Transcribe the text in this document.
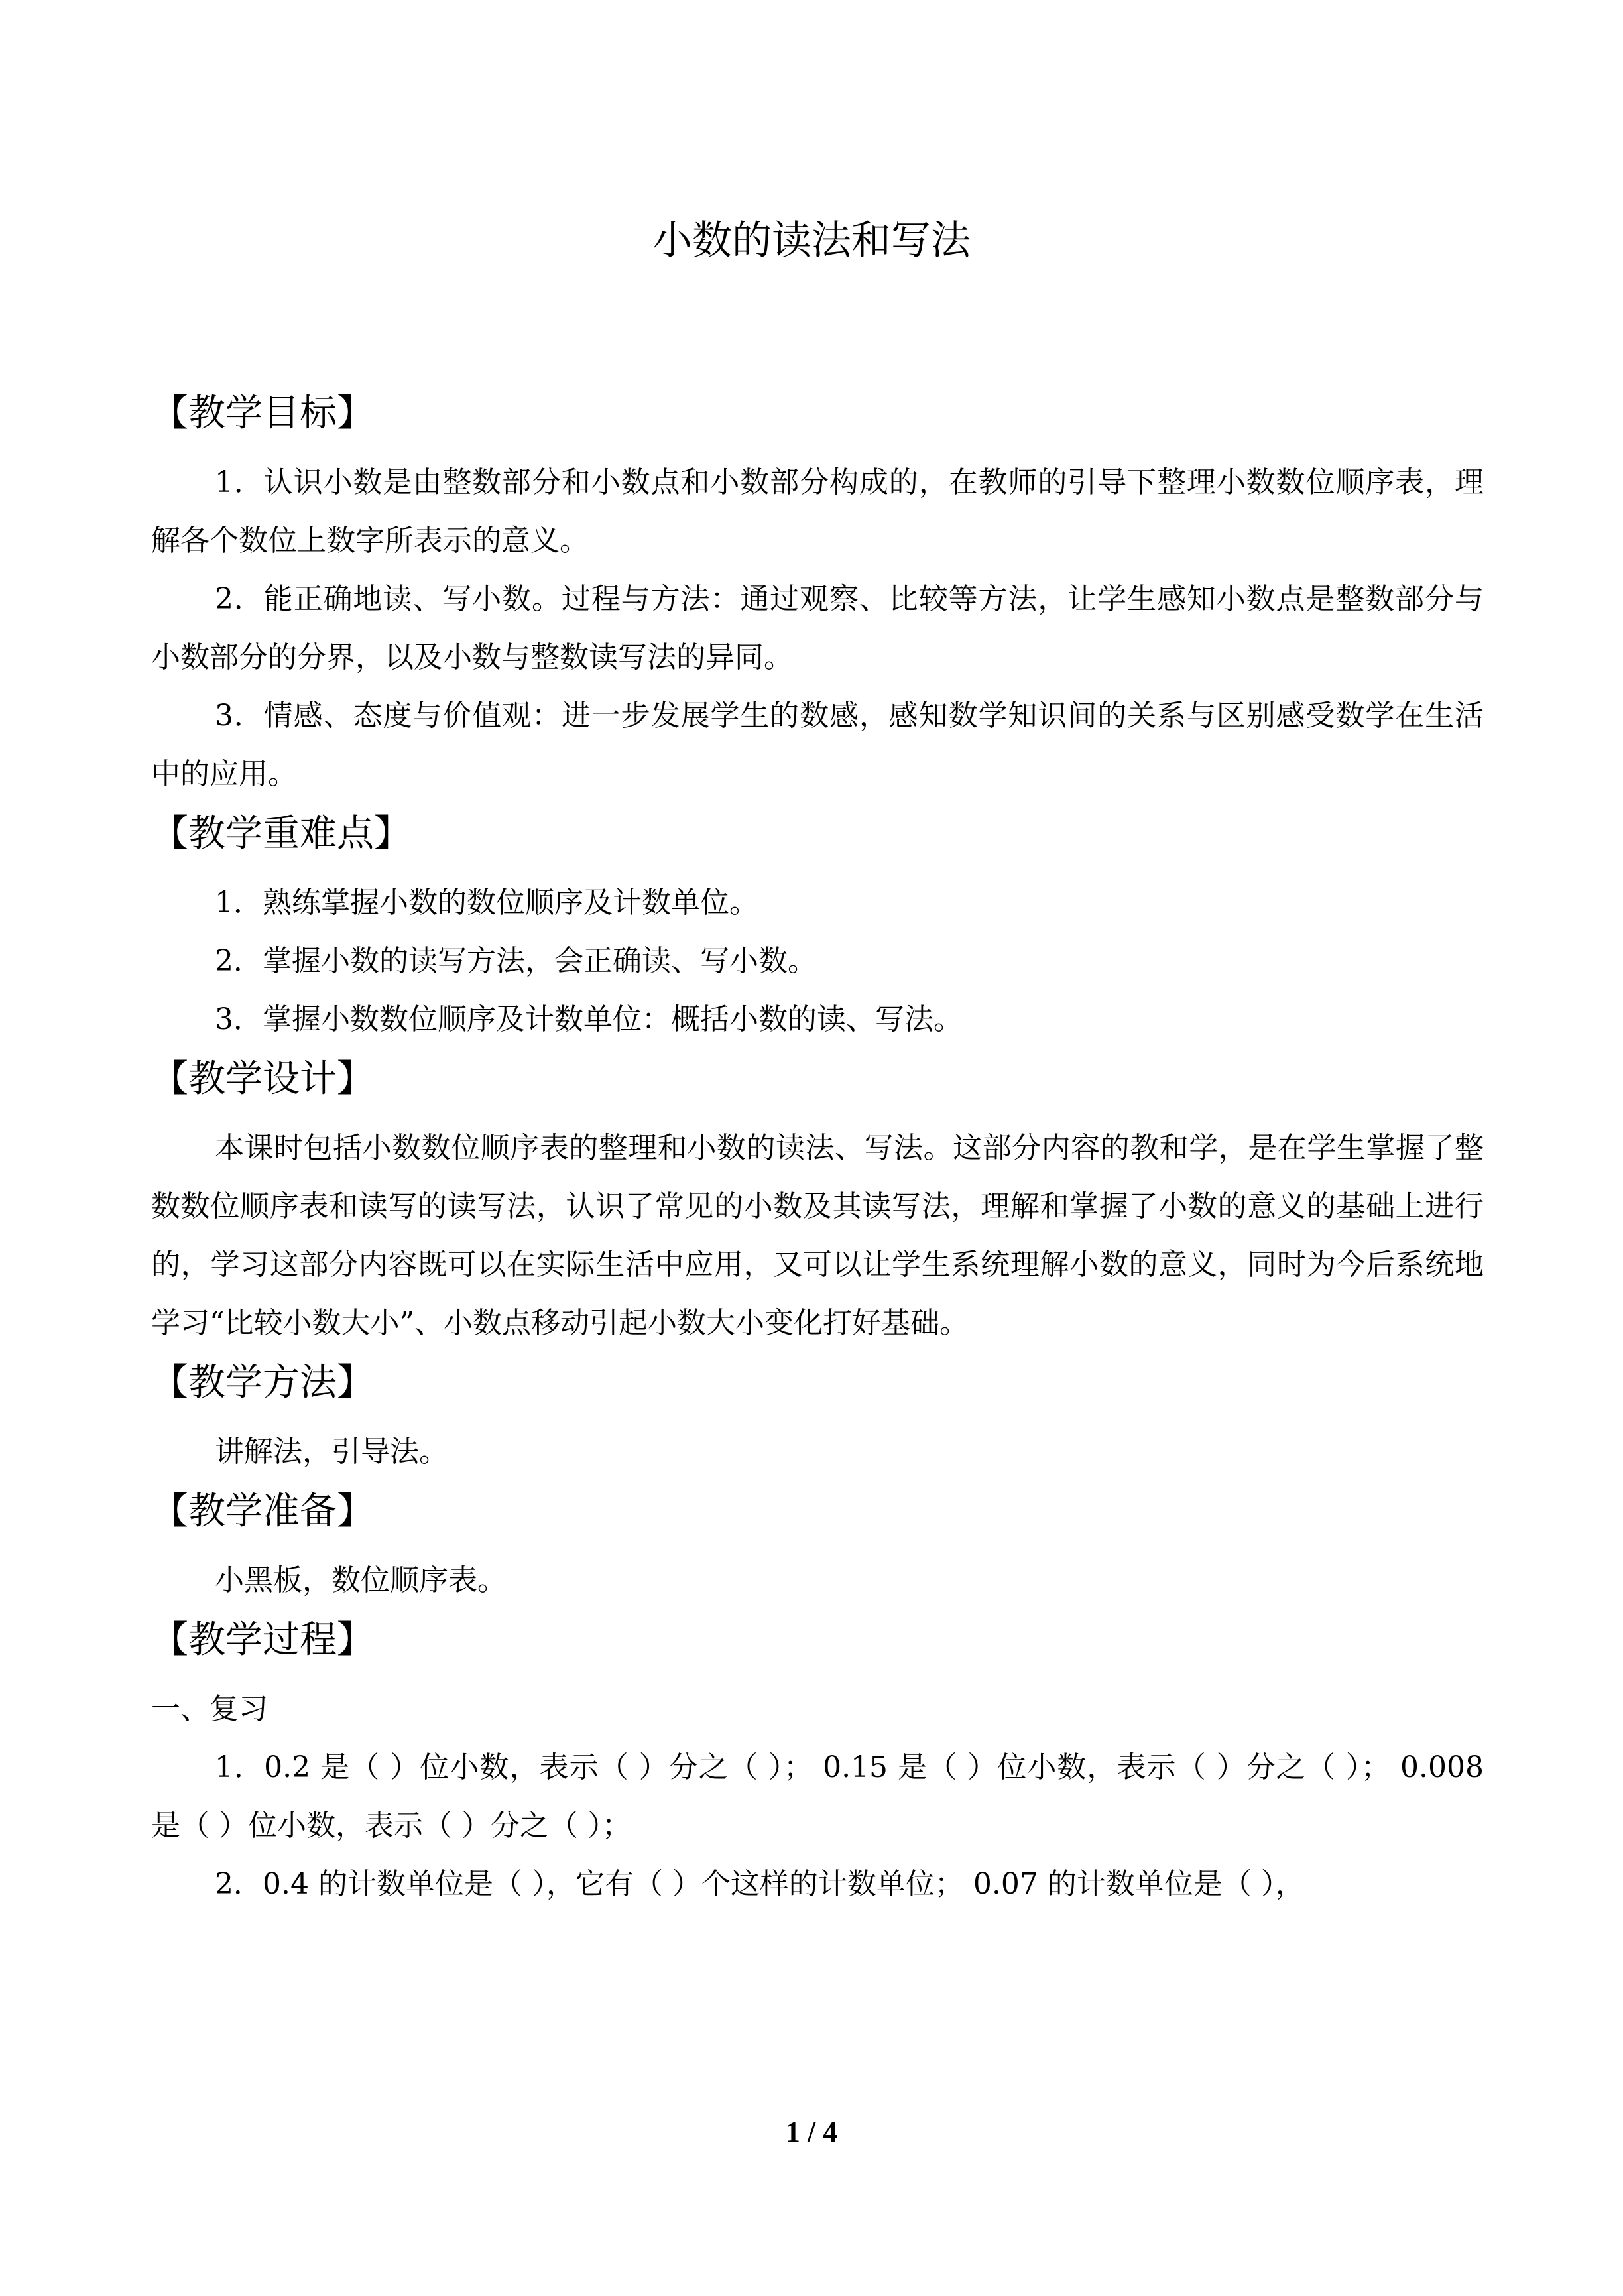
小数的读法和写法
【教学目标】

1．认识小数是由整数部分和小数点和小数部分构成的，在教师的引导下整理小数数位顺序表，理解各个数位上数字所表示的意义。

2．能正确地读、写小数。过程与方法：通过观察、比较等方法，让学生感知小数点是整数部分与小数部分的分界，以及小数与整数读写法的异同。

3．情感、态度与价值观：进一步发展学生的数感，感知数学知识间的关系与区别感受数学在生活中的应用。

【教学重难点】

1．熟练掌握小数的数位顺序及计数单位。

2．掌握小数的读写方法，会正确读、写小数。

3．掌握小数数位顺序及计数单位：概括小数的读、写法。

【教学设计】

本课时包括小数数位顺序表的整理和小数的读法、写法。这部分内容的教和学，是在学生掌握了整数数位顺序表和读写的读写法，认识了常见的小数及其读写法，理解和掌握了小数的意义的基础上进行的，学习这部分内容既可以在实际生活中应用，又可以让学生系统理解小数的意义，同时为今后系统地学习“比较小数大小”、小数点移动引起小数大小变化打好基础。

【教学方法】

讲解法，引导法。

【教学准备】

小黑板，数位顺序表。

【教学过程】

一、复习

1．0.2 是（ ）位小数，表示（ ）分之（ ）； 0.15 是（ ）位小数，表示（ ）分之（ ）； 0.008 是（ ）位小数，表示（ ）分之（ ）；

2．0.4 的计数单位是（ ），它有（ ）个这样的计数单位； 0.07 的计数单位是（ ），

1 / 4
